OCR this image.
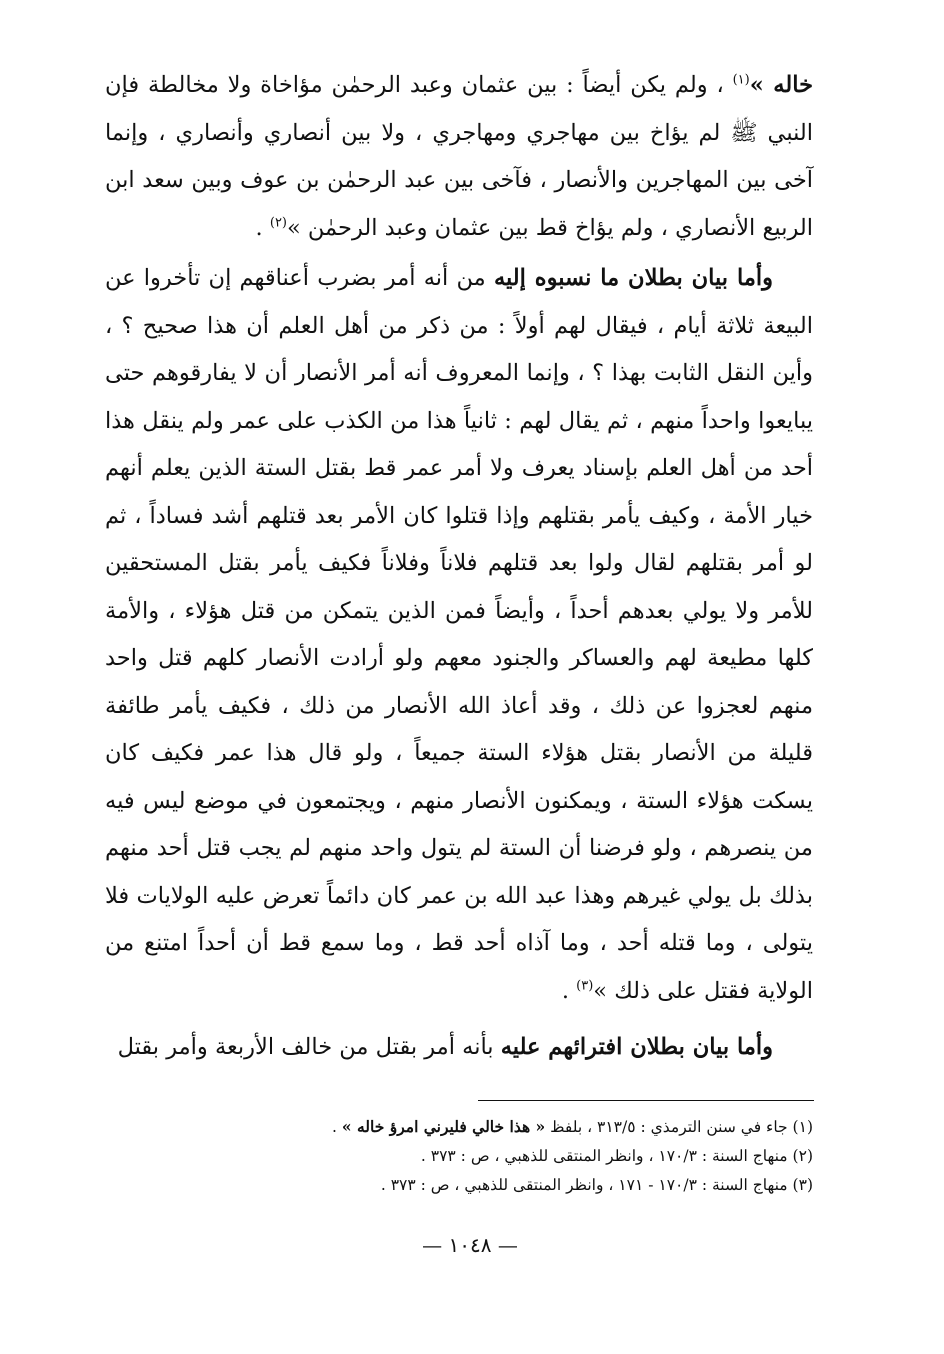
خاله »$^{(١)}$ ، ولم يكن أيضاً : بين عثمان وعبد الرحمٰن مؤاخاة ولا مخالطة فإن النبي ﷺ لم يؤاخ بين مهاجري ومهاجري ، ولا بين أنصاري وأنصاري ، وإنما آخى بين المهاجرين والأنصار ، فآخى بين عبد الرحمٰن بن عوف وبين سعد ابن الربيع الأنصاري ، ولم يؤاخ قط بين عثمان وعبد الرحمٰن »$^{(٢)}$ .

وأما بيان بطلان ما نسبوه إليه من أنه أمر بضرب أعناقهم إن تأخروا عن البيعة ثلاثة أيام ، فيقال لهم أولاً : من ذكر من أهل العلم أن هذا صحيح ؟ ، وأين النقل الثابت بهذا ؟ ، وإنما المعروف أنه أمر الأنصار أن لا يفارقوهم حتى يبايعوا واحداً منهم ، ثم يقال لهم : ثانياً هذا من الكذب على عمر ولم ينقل هذا أحد من أهل العلم بإسناد يعرف ولا أمر عمر قط بقتل الستة الذين يعلم أنهم خيار الأمة ، وكيف يأمر بقتلهم وإذا قتلوا كان الأمر بعد قتلهم أشد فساداً ، ثم لو أمر بقتلهم لقال ولوا بعد قتلهم فلاناً وفلاناً فكيف يأمر بقتل المستحقين للأمر ولا يولي بعدهم أحداً ، وأيضاً فمن الذين يتمكن من قتل هؤلاء ، والأمة كلها مطيعة لهم والعساكر والجنود معهم ولو أرادت الأنصار كلهم قتل واحد منهم لعجزوا عن ذلك ، وقد أعاذ الله الأنصار من ذلك ، فكيف يأمر طائفة قليلة من الأنصار بقتل هؤلاء الستة جميعاً ، ولو قال هذا عمر فكيف كان يسكت هؤلاء الستة ، ويمكنون الأنصار منهم ، ويجتمعون في موضع ليس فيه من ينصرهم ، ولو فرضنا أن الستة لم يتول واحد منهم لم يجب قتل أحد منهم بذلك بل يولي غيرهم وهذا عبد الله بن عمر كان دائماً تعرض عليه الولايات فلا يتولى ، وما قتله أحد ، وما آذاه أحد قط ، وما سمع قط أن أحداً امتنع من الولاية فقتل على ذلك »$^{(٣)}$ .

وأما بيان بطلان افترائهم عليه بأنه أمر بقتل من خالف الأربعة وأمر بقتل

(١) جاء في سنن الترمذي : ٣١٣/٥ ، بلفظ « هذا خالي فليرني امرؤ خاله » .

(٢) منهاج السنة : ١٧٠/٣ ، وانظر المنتقى للذهبي ، ص : ٣٧٣ .

(٣) منهاج السنة : ١٧٠/٣ - ١٧١ ، وانظر المنتقى للذهبي ، ص : ٣٧٣ .

— ١٠٤٨ —
